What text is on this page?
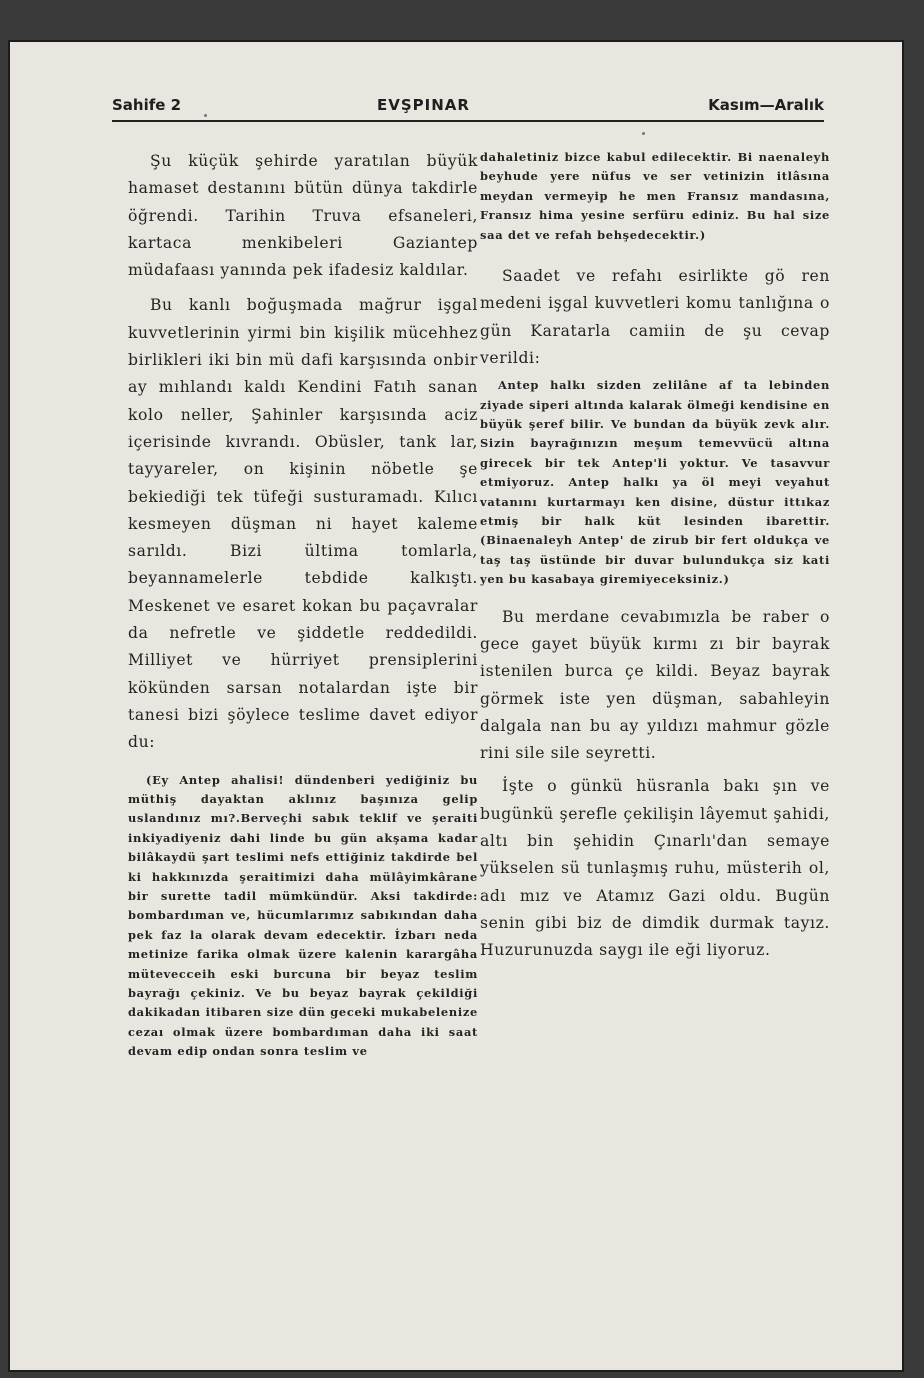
Sahife 2	EVŞPINAR	Kasım—Aralık

Şu küçük şehirde yaratılan büyük hamaset destanını bütün dünya takdirle öğrendi. Tarihin Truva efsaneleri, kartaca menkibeleri Gaziantep müdafaası yanında pek ifadesiz kaldılar.

Bu kanlı boğuşmada mağrur işgal kuvvetlerinin yirmi bin kişilik mücehhez birlikleri iki bin mü dafi karşısında onbir ay mıhlandı kaldı Kendini Fatıh sanan kolo neller, Şahinler karşısında aciz içerisinde kıvrandı. Obüsler, tank lar, tayyareler, on kişinin nöbetle şe bekiediği tek tüfeği susturamadı. Kılıcı kesmeyen düşman ni hayet kaleme sarıldı. Bizi ültima tomlarla, beyannamelerle tebdide kalkıştı. Meskenet ve esaret kokan bu paçavralar da nefretle ve şiddetle reddedildi. Milliyet ve hürriyet prensiplerini kökünden sarsan notalardan işte bir tanesi bizi şöylece teslime davet ediyor du:

(Ey Antep ahalisi! dündenberi yediğiniz bu müthiş dayaktan aklınız başınıza gelip uslandınız mı?.Berveçhi sabık teklif ve şeraiti inkiyadiyeniz dahi linde bu gün akşama kadar bilâkaydü şart teslimi nefs ettiğiniz takdirde bel ki hakkınızda şeraitimizi daha mülâyimkârane bir surette tadil mümkündür. Aksi takdirde: bombardıman ve, hücumlarımız sabıkından daha pek faz la olarak devam edecektir. İzbarı neda metinize farika olmak üzere kalenin karargâha mütevecceih eski burcuna bir beyaz teslim bayrağı çekiniz. Ve bu beyaz bayrak çekildiği dakikadan itibaren size dün geceki mukabelenize cezaı olmak üzere bombardıman daha iki saat devam edip ondan sonra teslim ve

dahaletiniz bizce kabul edilecektir. Bi naenaleyh beyhude yere nüfus ve ser vetinizin itlâsına meydan vermeyip he men Fransız mandasına, Fransız hima yesine serfüru ediniz. Bu hal size saa det ve refah behşedecektir.)

Saadet ve refahı esirlikte gö ren medeni işgal kuvvetleri komu tanlığına o gün Karatarla camiin de şu cevap verildi:

Antep halkı sizden zelilâne af ta lebinden ziyade siperi altında kalarak ölmeği kendisine en büyük şeref bilir. Ve bundan da büyük zevk alır. Sizin bayrağınızın meşum temevvücü altına girecek bir tek Antep'li yoktur. Ve tasavvur etmiyoruz. Antep halkı ya öl meyi veyahut vatanını kurtarmayı ken disine, düstur ittıkaz etmiş bir halk küt lesinden ibarettir. (Binaenaleyh Antep' de zirub bir fert oldukça ve taş taş üstünde bir duvar bulundukça siz kati yen bu kasabaya giremiyeceksiniz.)

Bu merdane cevabımızla be raber o gece gayet büyük kırmı zı bir bayrak istenilen burca çe kildi. Beyaz bayrak görmek iste yen düşman, sabahleyin dalgala nan bu ay yıldızı mahmur gözle rini sile sile seyretti.

İşte o günkü hüsranla bakı şın ve bugünkü şerefle çekilişin lâyemut şahidi, altı bin şehidin Çınarlı'dan semaye yükselen sü tunlaşmış ruhu, müsterih ol, adı mız ve Atamız Gazi oldu. Bugün senin gibi biz de dimdik durmak tayız. Huzurunuzda saygı ile eği liyoruz.
